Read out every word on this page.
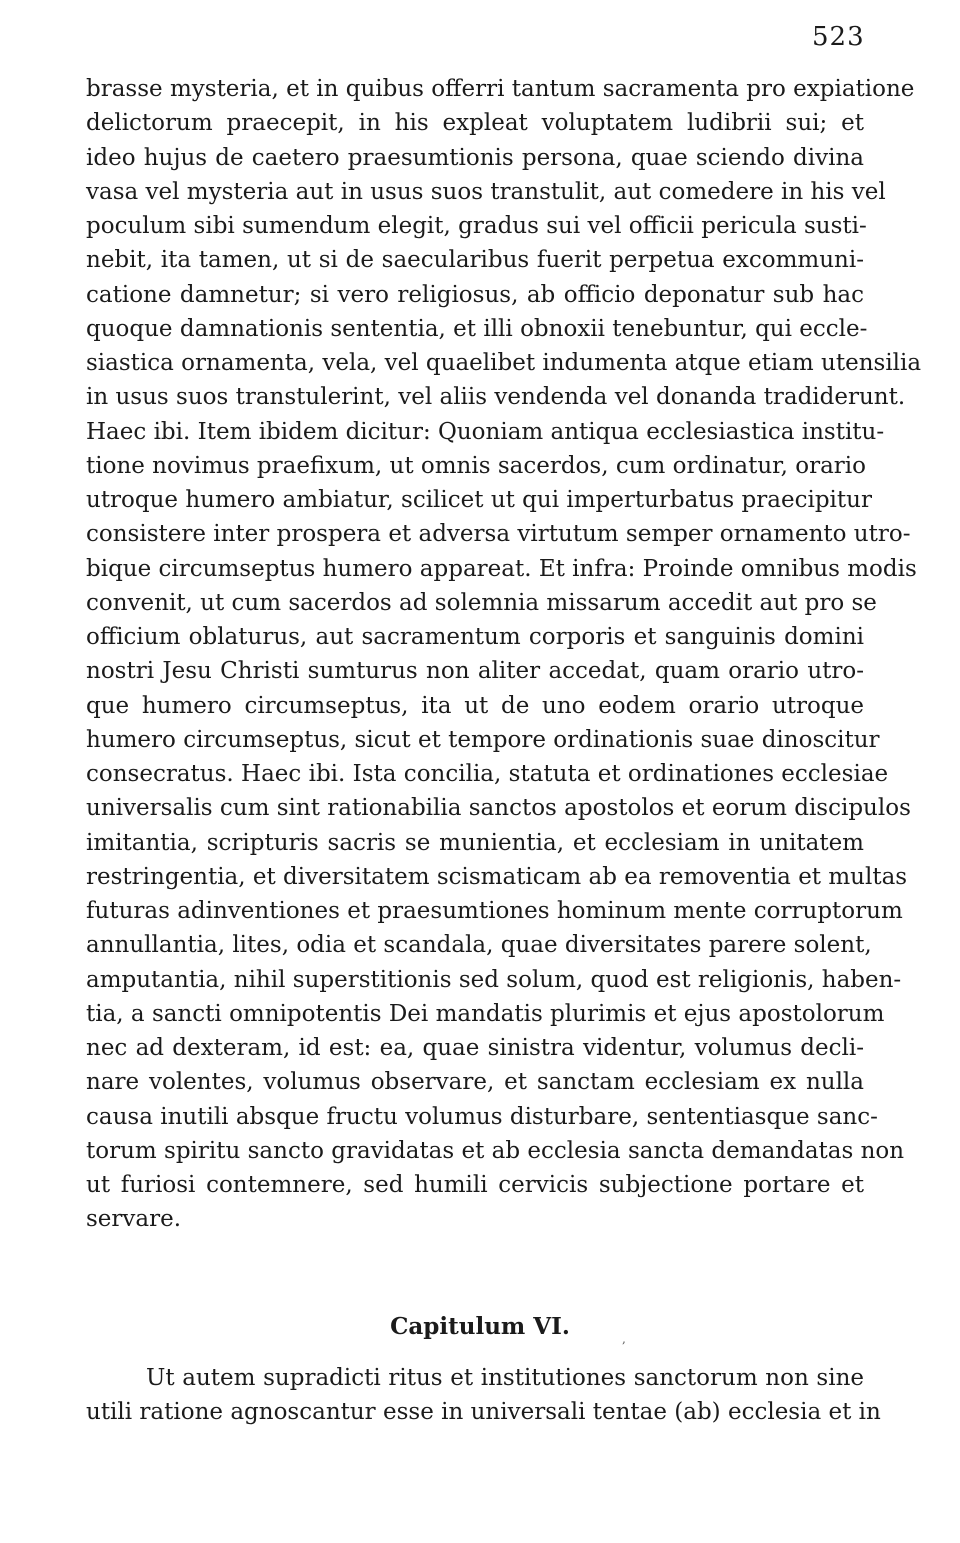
523
brasse mysteria, et in quibus offerri tantum sacramenta pro expiatione
delictorum praecepit, in his expleat voluptatem ludibrii sui; et
ideo hujus de caetero praesumtionis persona, quae sciendo divina
vasa vel mysteria aut in usus suos transtulit, aut comedere in his vel
poculum sibi sumendum elegit, gradus sui vel officii pericula susti-
nebit, ita tamen, ut si de saecularibus fuerit perpetua excommuni-
catione damnetur; si vero religiosus, ab officio deponatur sub hac
quoque damnationis sententia, et illi obnoxii tenebuntur, qui eccle-
siastica ornamenta, vela, vel quaelibet indumenta atque etiam utensilia
in usus suos transtulerint, vel aliis vendenda vel donanda tradiderunt.
Haec ibi. Item ibidem dicitur: Quoniam antiqua ecclesiastica institu-
tione novimus praefixum, ut omnis sacerdos, cum ordinatur, orario
utroque humero ambiatur, scilicet ut qui imperturbatus praecipitur
consistere inter prospera et adversa virtutum semper ornamento utro-
bique circumseptus humero appareat. Et infra: Proinde omnibus modis
convenit, ut cum sacerdos ad solemnia missarum accedit aut pro se
officium oblaturus, aut sacramentum corporis et sanguinis domini
nostri Jesu Christi sumturus non aliter accedat, quam orario utro-
que humero circumseptus, ita ut de uno eodem orario utroque
humero circumseptus, sicut et tempore ordinationis suae dinoscitur
consecratus. Haec ibi. Ista concilia, statuta et ordinationes ecclesiae
universalis cum sint rationabilia sanctos apostolos et eorum discipulos
imitantia, scripturis sacris se munientia, et ecclesiam in unitatem
restringentia, et diversitatem scismaticam ab ea removentia et multas
futuras adinventiones et praesumtiones hominum mente corruptorum
annullantia, lites, odia et scandala, quae diversitates parere solent,
amputantia, nihil superstitionis sed solum, quod est religionis, haben-
tia, a sancti omnipotentis Dei mandatis plurimis et ejus apostolorum
nec ad dexteram, id est: ea, quae sinistra videntur, volumus decli-
nare volentes, volumus observare, et sanctam ecclesiam ex nulla
causa inutili absque fructu volumus disturbare, sententiasque sanc-
torum spiritu sancto gravidatas et ab ecclesia sancta demandatas non
ut furiosi contemnere, sed humili cervicis subjectione portare et
servare.
,
Capitulum VI.
Ut autem supradicti ritus et institutiones sanctorum non sine
utili ratione agnoscantur esse in universali tentae (ab) ecclesia et in
